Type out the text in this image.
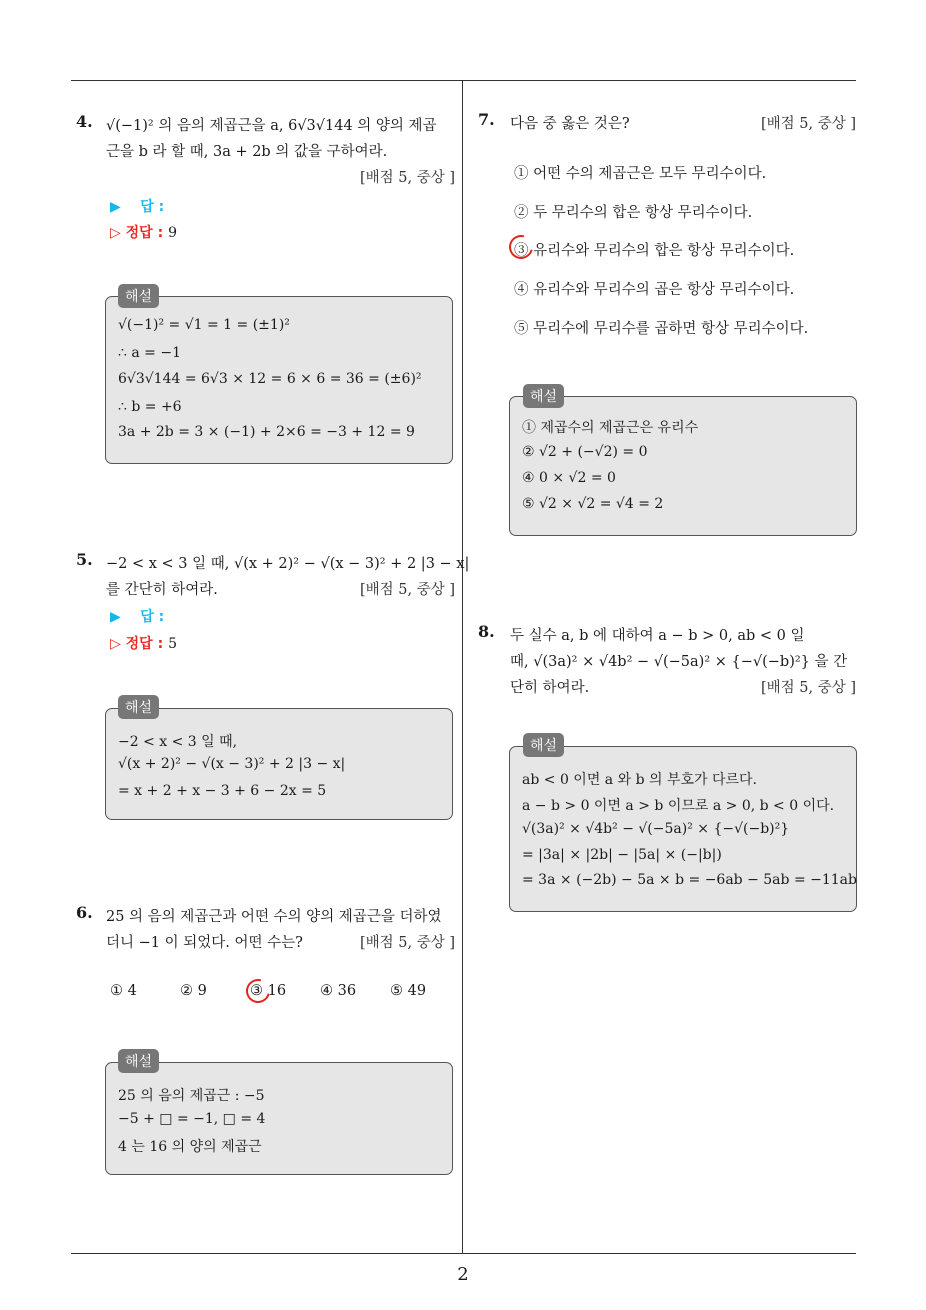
2
4. √(−1)² 의 음의 제곱근을 a, 6√3√144 의 양의 제곱
근을 b 라 할 때, 3a + 2b 의 값을 구하여라.
[배점 5, 중상 ]
▶ 답 :
▷ 정답 : 9
√(−1)² = √1 = 1 = (±1)²
∴ a = −1
6√3√144 = 6√3 × 12 = 6 × 6 = 36 = (±6)²
∴ b = +6
3a + 2b = 3 × (−1) + 2×6 = −3 + 12 = 9
해설
5. −2 < x < 3 일 때, √(x + 2)² − √(x − 3)² + 2 |3 − x|
를 간단히 하여라.	[배점 5, 중상 ]
▶ 답 :
▷ 정답 : 5
−2 < x < 3 일 때,
√(x + 2)² − √(x − 3)² + 2 |3 − x|
= x + 2 + x − 3 + 6 − 2x = 5
해설
6. 25 의 음의 제곱근과 어떤 수의 양의 제곱근을 더하였
더니 −1 이 되었다. 어떤 수는?	[배점 5, 중상 ]
① 4	② 9	③ 16 ④ 36 ⑤ 49
25 의 음의 제곱근 : −5
−5 + □ = −1, □ = 4
4 는 16 의 양의 제곱근
해설
7. 다음 중 옳은 것은?	[배점 5, 중상 ]
① 어떤 수의 제곱근은 모두 무리수이다.
② 두 무리수의 합은 항상 무리수이다.
③ 유리수와 무리수의 합은 항상 무리수이다.
④ 유리수와 무리수의 곱은 항상 무리수이다.
⑤ 무리수에 무리수를 곱하면 항상 무리수이다.
① 제곱수의 제곱근은 유리수
② √2 + (−√2) = 0
④ 0 × √2 = 0
⑤ √2 × √2 = √4 = 2
해설
8. 두 실수 a, b 에 대하여 a − b > 0, ab < 0 일
때, √(3a)² × √4b² − √(−5a)² × {−√(−b)²} 을 간
단히 하여라.	[배점 5, 중상 ]
ab < 0 이면 a 와 b 의 부호가 다르다.
a − b > 0 이면 a > b 이므로 a > 0, b < 0 이다.
√(3a)² × √4b² − √(−5a)² × {−√(−b)²}
= |3a| × |2b| − |5a| × (−|b|)
= 3a × (−2b) − 5a × b = −6ab − 5ab = −11ab
해설
